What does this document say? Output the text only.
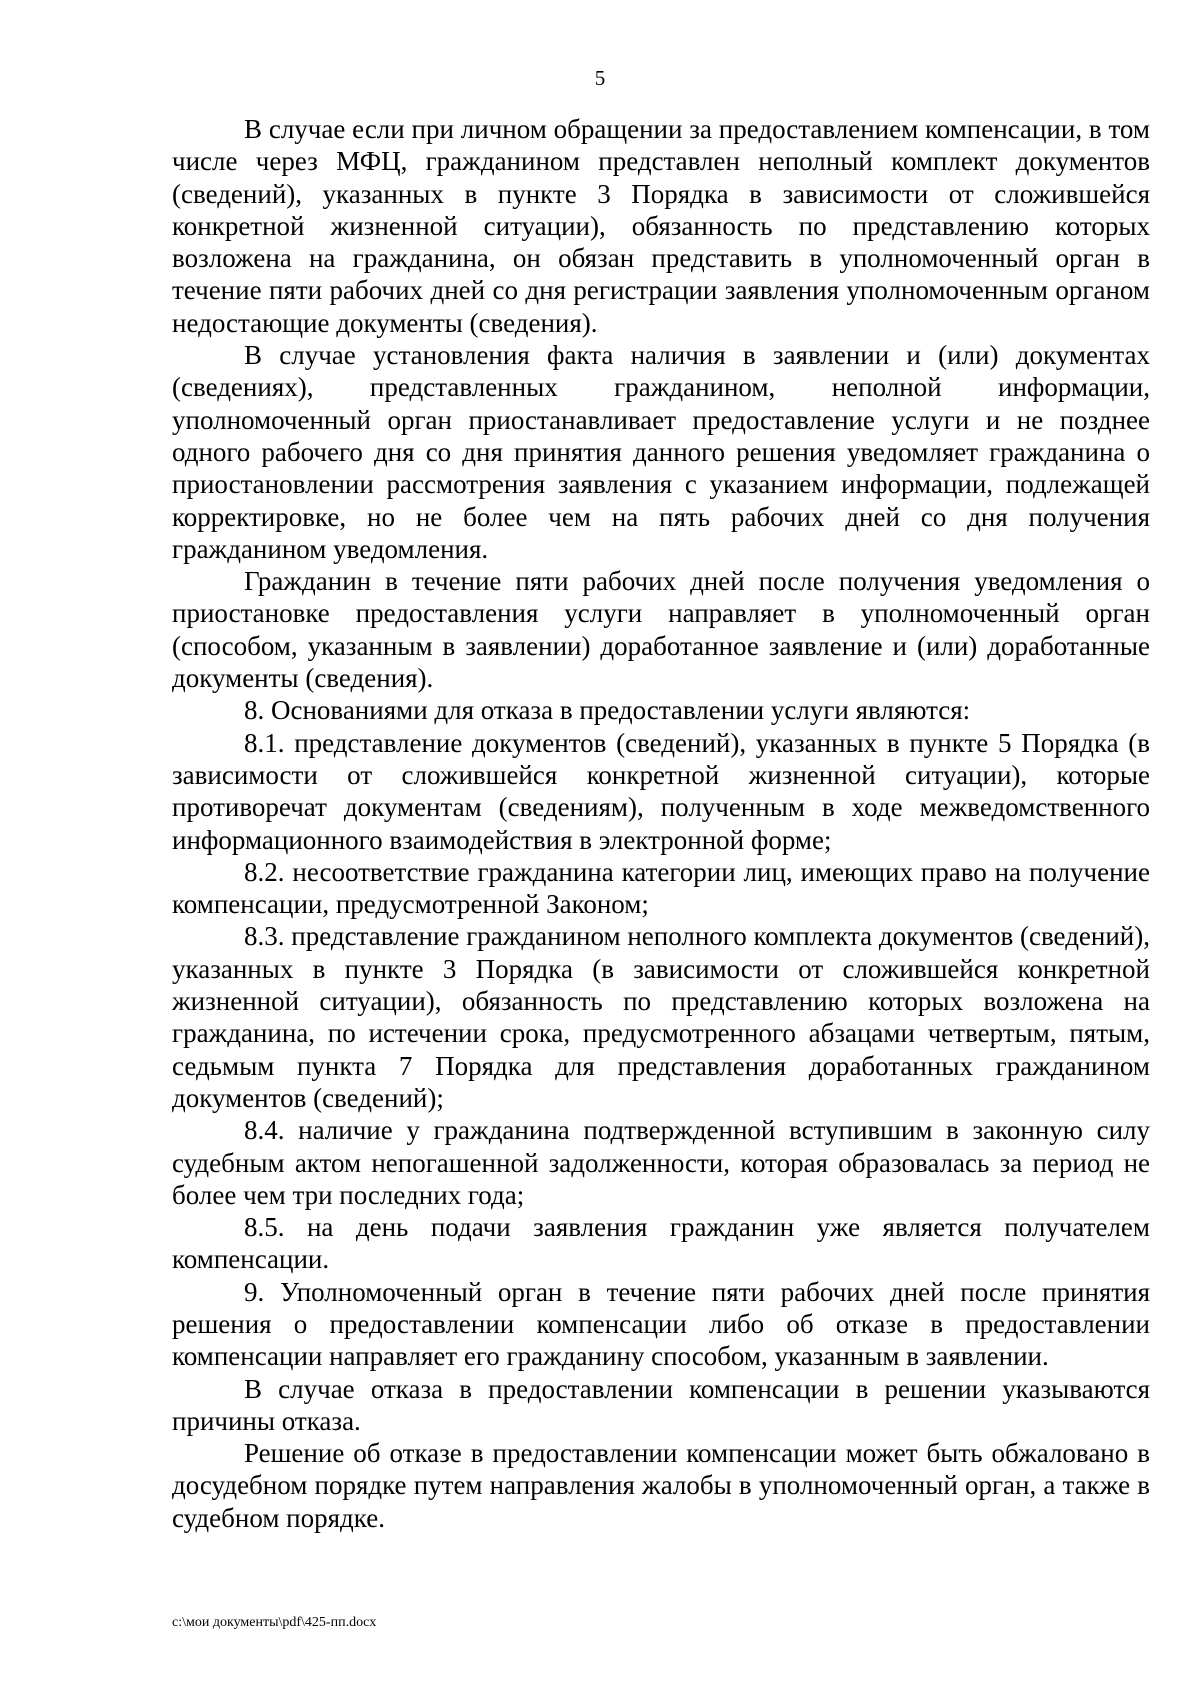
5

В случае если при личном обращении за предоставлением компенсации, в том числе через МФЦ, гражданином представлен неполный комплект документов (сведений), указанных в пункте 3 Порядка в зависимости от сложившейся конкретной жизненной ситуации), обязанность по представлению которых возложена на гражданина, он обязан представить в уполномоченный орган в течение пяти рабочих дней со дня регистрации заявления уполномоченным органом недостающие документы (сведения).

В случае установления факта наличия в заявлении и (или) документах (сведениях), представленных гражданином, неполной информации, уполномоченный орган приостанавливает предоставление услуги и не позднее одного рабочего дня со дня принятия данного решения уведомляет гражданина о приостановлении рассмотрения заявления с указанием информации, подлежащей корректировке, но не более чем на пять рабочих дней со дня получения гражданином уведомления.

Гражданин в течение пяти рабочих дней после получения уведомления о приостановке предоставления услуги направляет в уполномоченный орган (способом, указанным в заявлении) доработанное заявление и (или) доработанные документы (сведения).

8. Основаниями для отказа в предоставлении услуги являются:

8.1. представление документов (сведений), указанных в пункте 5 Порядка (в зависимости от сложившейся конкретной жизненной ситуации), которые противоречат документам (сведениям), полученным в ходе межведомственного информационного взаимодействия в электронной форме;

8.2. несоответствие гражданина категории лиц, имеющих право на получение компенсации, предусмотренной Законом;

8.3. представление гражданином неполного комплекта документов (сведений), указанных в пункте 3 Порядка (в зависимости от сложившейся конкретной жизненной ситуации), обязанность по представлению которых возложена на гражданина, по истечении срока, предусмотренного абзацами четвертым, пятым, седьмым пункта 7 Порядка для представления доработанных гражданином документов (сведений);

8.4. наличие у гражданина подтвержденной вступившим в законную силу судебным актом непогашенной задолженности, которая образовалась за период не более чем три последних года;

8.5. на день подачи заявления гражданин уже является получателем компенсации.

9. Уполномоченный орган в течение пяти рабочих дней после принятия решения о предоставлении компенсации либо об отказе в предоставлении компенсации направляет его гражданину способом, указанным в заявлении.

В случае отказа в предоставлении компенсации в решении указываются причины отказа.

Решение об отказе в предоставлении компенсации может быть обжаловано в досудебном порядке путем направления жалобы в уполномоченный орган, а также в судебном порядке.

c:\мои документы\pdf\425-пп.docx
